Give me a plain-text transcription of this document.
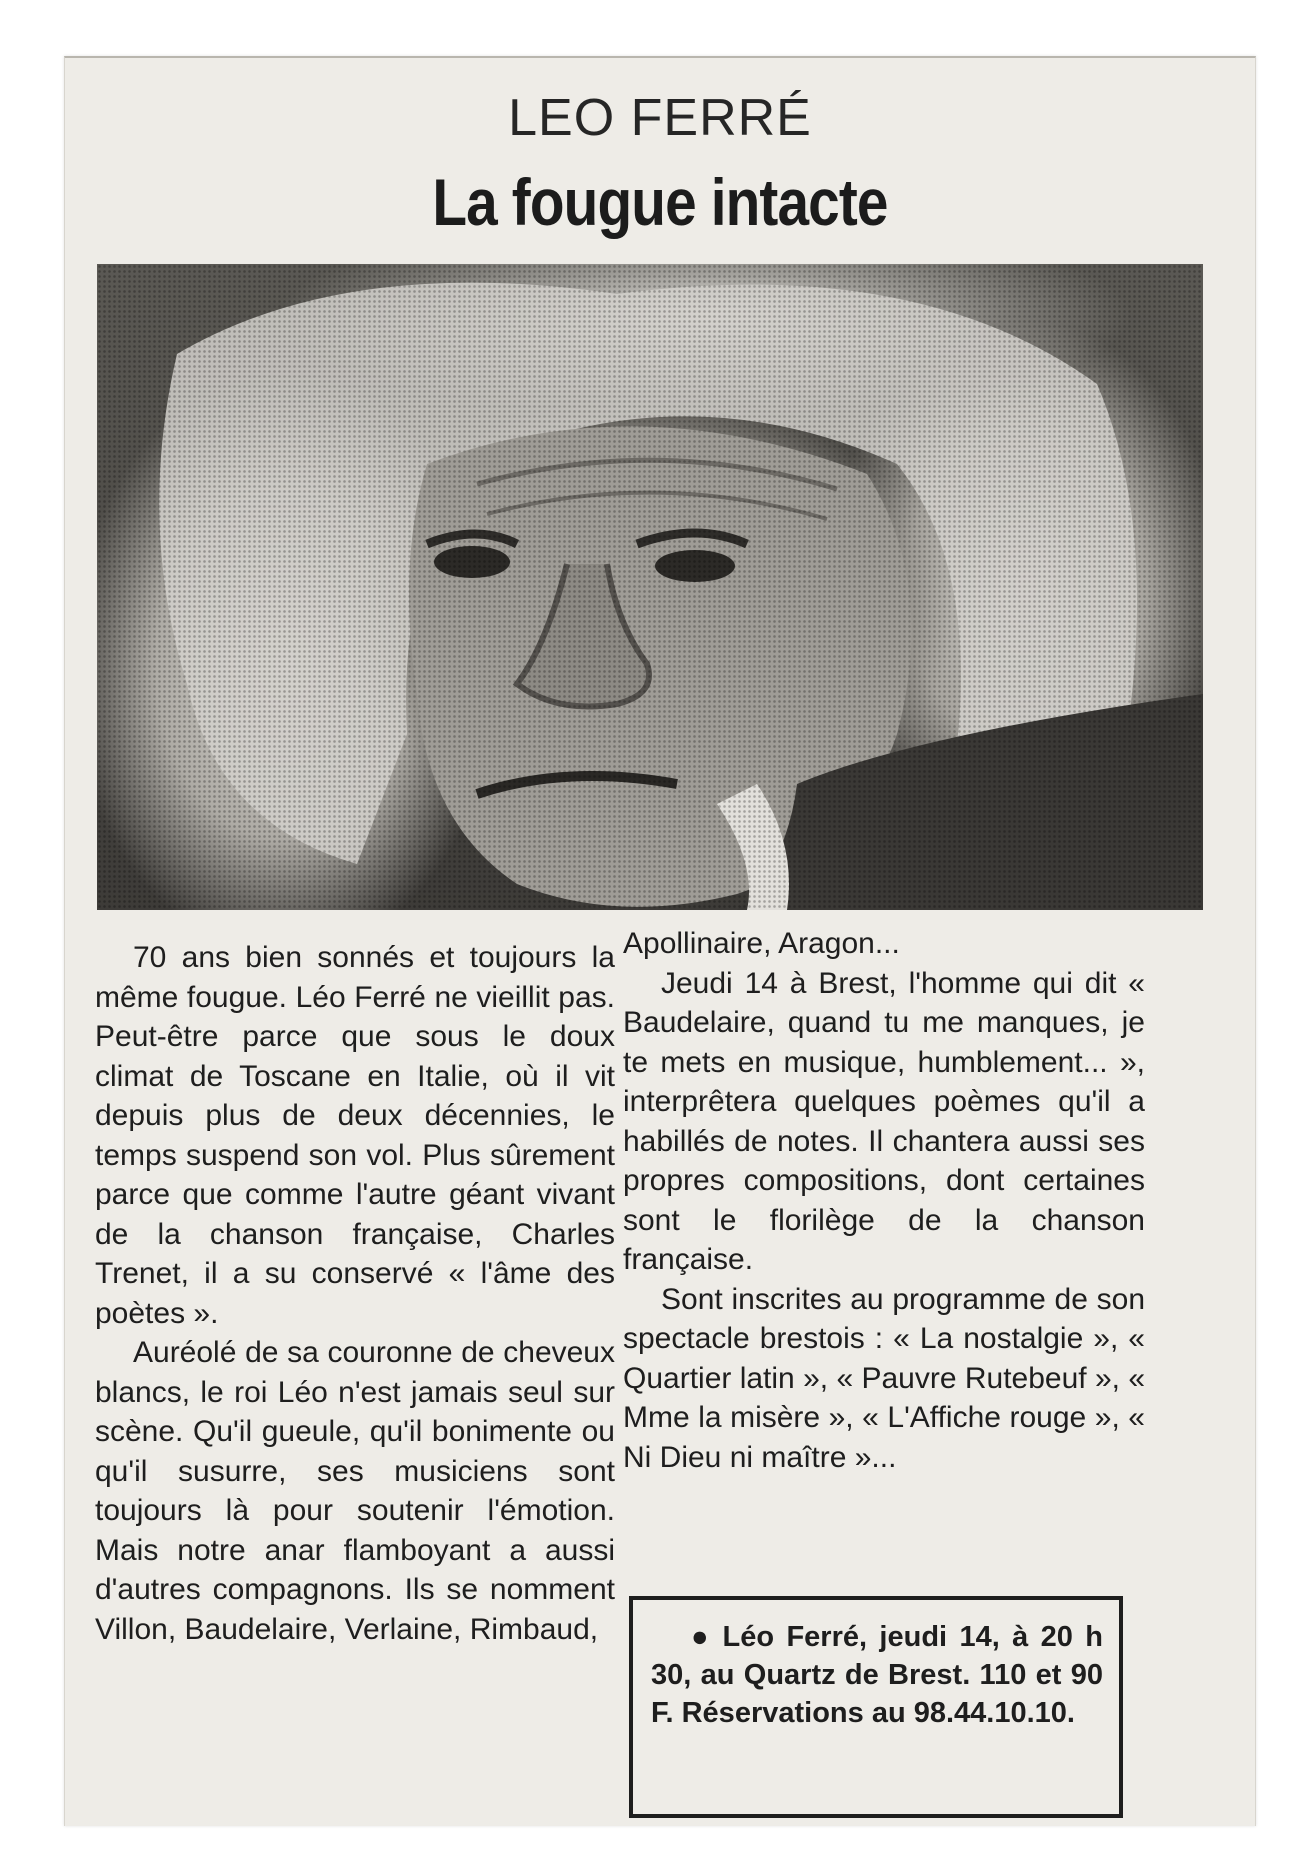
LEO FERRÉ
La fougue intacte

70 ans bien sonnés et toujours la même fougue. Léo Ferré ne vieillit pas. Peut-être parce que sous le doux climat de Toscane en Italie, où il vit depuis plus de deux décennies, le temps suspend son vol. Plus sûrement parce que comme l'autre géant vivant de la chanson française, Charles Trenet, il a su conservé « l'âme des poètes ».

Auréolé de sa couronne de cheveux blancs, le roi Léo n'est jamais seul sur scène. Qu'il gueule, qu'il bonimente ou qu'il susurre, ses musiciens sont toujours là pour soutenir l'émotion. Mais notre anar flamboyant a aussi d'autres compagnons. Ils se nomment Villon, Baudelaire, Verlaine, Rimbaud,

Apollinaire, Aragon...

Jeudi 14 à Brest, l'homme qui dit « Baudelaire, quand tu me manques, je te mets en musique, humblement... », interprêtera quelques poèmes qu'il a habillés de notes. Il chantera aussi ses propres compositions, dont certaines sont le florilège de la chanson française.

Sont inscrites au programme de son spectacle brestois : « La nostalgie », « Quartier latin », « Pauvre Rutebeuf », « Mme la misère », « L'Affiche rouge », « Ni Dieu ni maître »...

● Léo Ferré, jeudi 14, à 20 h 30, au Quartz de Brest. 110 et 90 F. Réservations au 98.44.10.10.
